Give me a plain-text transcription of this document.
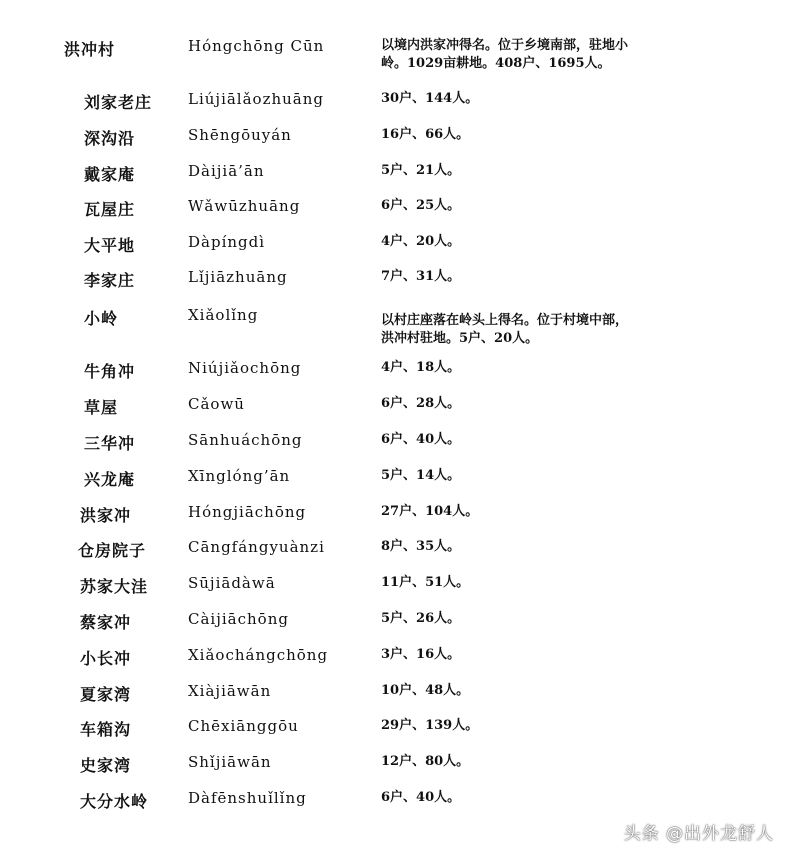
洪冲村	Hóngchōng Cūn	以境内洪家冲得名。位于乡境南部，驻地小
岭。1029亩耕地。408户、1695人。
刘家老庄 Liújiālǎozhuāng	30户、144人。
深沟沿	Shēngōuyán	16户、66人。
戴家庵	Dàijiā’ān	5户、21人。
瓦屋庄	Wǎwūzhuāng	6户、25人。
大平地	Dàpíngdì	4户、20人。
李家庄	Lǐjiāzhuāng	7户、31人。
小岭	Xiǎolǐng	以村庄座落在岭头上得名。位于村境中部，
洪冲村驻地。5户、20人。
牛角冲	Niújiǎochōng	4户、18人。
草屋	Cǎowū	6户、28人。
三华冲	Sānhuáchōng	6户、40人。
兴龙庵	Xīnglóng’ān	5户、14人。
洪家冲	Hóngjiāchōng	27户、104人。
仓房院子	Cāngfángyuànzi	8户、35人。
苏家大洼	Sūjiādàwā	11户、51人。
蔡家冲	Càijiāchōng	5户、26人。
小长冲	Xiǎochángchōng	3户、16人。
夏家湾	Xiàjiāwān	10户、48人。
车箱沟	Chēxiānggōu	29户、139人。
史家湾	Shǐjiāwān	12户、80人。
大分水岭	Dàfēnshuǐlǐng	6户、40人。
头条 @出外龙舒人
